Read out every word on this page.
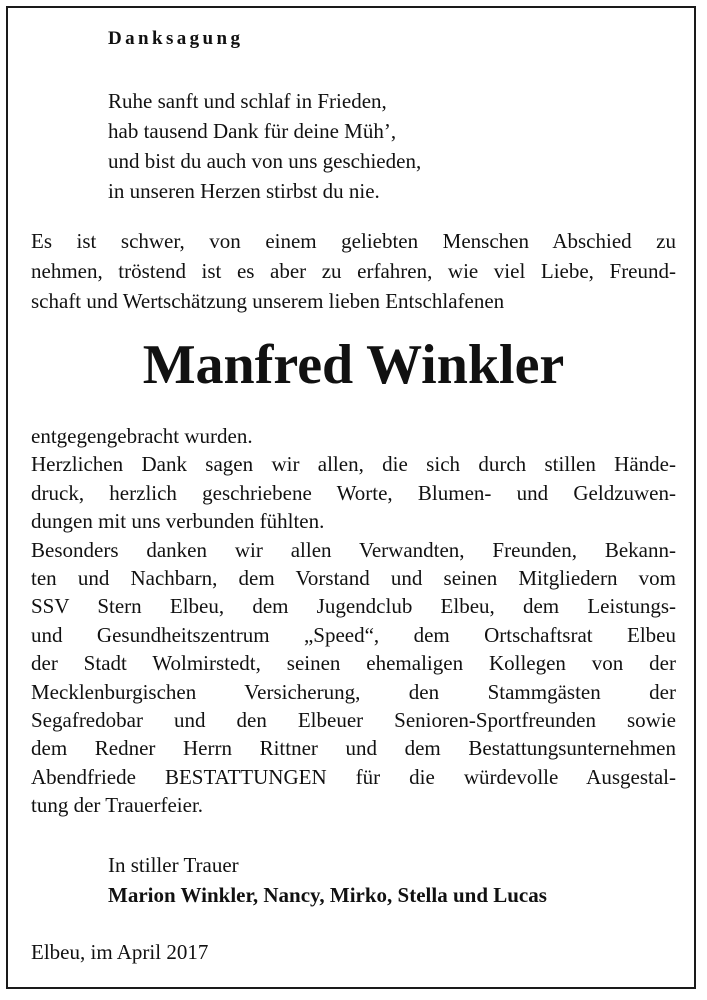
Danksagung
Ruhe sanft und schlaf in Frieden,
hab tausend Dank für deine Müh’,
und bist du auch von uns geschieden,
in unseren Herzen stirbst du nie.
Es ist schwer, von einem geliebten Menschen Abschied zu
nehmen, tröstend ist es aber zu erfahren, wie viel Liebe, Freund-
schaft und Wertschätzung unserem lieben Entschlafenen
Manfred Winkler
entgegengebracht wurden.
Herzlichen Dank sagen wir allen, die sich durch stillen Hände-
druck, herzlich geschriebene Worte, Blumen- und Geldzuwen-
dungen mit uns verbunden fühlten.
Besonders danken wir allen Verwandten, Freunden, Bekann-
ten und Nachbarn, dem Vorstand und seinen Mitgliedern vom
SSV Stern Elbeu, dem Jugendclub Elbeu, dem Leistungs-
und Gesundheitszentrum „Speed“, dem Ortschaftsrat Elbeu
der Stadt Wolmirstedt, seinen ehemaligen Kollegen von der
Mecklenburgischen Versicherung, den Stammgästen der
Segafredobar und den Elbeuer Senioren-Sportfreunden sowie
dem Redner Herrn Rittner und dem Bestattungsunternehmen
Abendfriede BESTATTUNGEN für die würdevolle Ausgestal-
tung der Trauerfeier.
In stiller Trauer
Marion Winkler, Nancy, Mirko, Stella und Lucas
Elbeu, im April 2017
